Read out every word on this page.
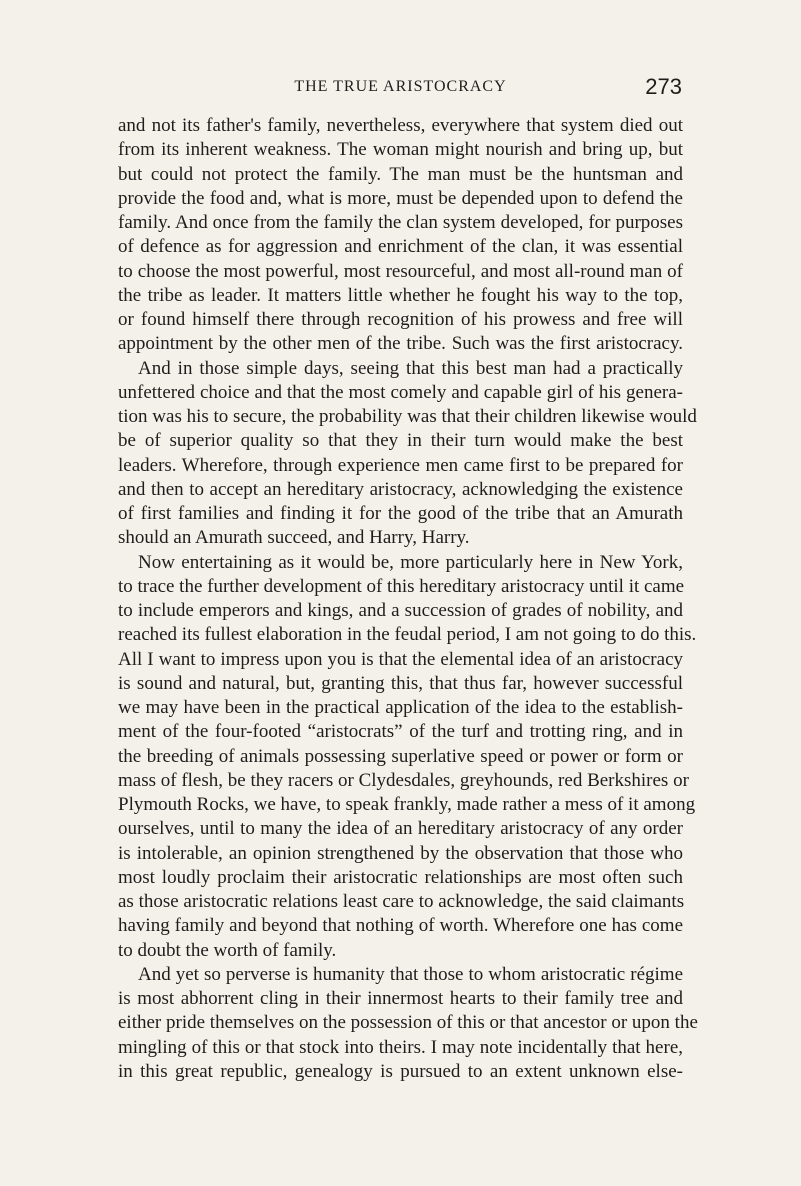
THE TRUE ARISTOCRACY	273
and not its father's family, nevertheless, everywhere that system died out
from its inherent weakness. The woman might nourish and bring up, but
but could not protect the family. The man must be the huntsman and
provide the food and, what is more, must be depended upon to defend the
family. And once from the family the clan system developed, for purposes
of defence as for aggression and enrichment of the clan, it was essential
to choose the most powerful, most resourceful, and most all-round man of
the tribe as leader. It matters little whether he fought his way to the top,
or found himself there through recognition of his prowess and free will
appointment by the other men of the tribe. Such was the first aristocracy.
And in those simple days, seeing that this best man had a practically
unfettered choice and that the most comely and capable girl of his genera-
tion was his to secure, the probability was that their children likewise would
be of superior quality so that they in their turn would make the best
leaders. Wherefore, through experience men came first to be prepared for
and then to accept an hereditary aristocracy, acknowledging the existence
of first families and finding it for the good of the tribe that an Amurath
should an Amurath succeed, and Harry, Harry.
Now entertaining as it would be, more particularly here in New York,
to trace the further development of this hereditary aristocracy until it came
to include emperors and kings, and a succession of grades of nobility, and
reached its fullest elaboration in the feudal period, I am not going to do this.
All I want to impress upon you is that the elemental idea of an aristocracy
is sound and natural, but, granting this, that thus far, however successful
we may have been in the practical application of the idea to the establish-
ment of the four-footed “aristocrats” of the turf and trotting ring, and in
the breeding of animals possessing superlative speed or power or form or
mass of flesh, be they racers or Clydesdales, greyhounds, red Berkshires or
Plymouth Rocks, we have, to speak frankly, made rather a mess of it among
ourselves, until to many the idea of an hereditary aristocracy of any order
is intolerable, an opinion strengthened by the observation that those who
most loudly proclaim their aristocratic relationships are most often such
as those aristocratic relations least care to acknowledge, the said claimants
having family and beyond that nothing of worth. Wherefore one has come
to doubt the worth of family.
And yet so perverse is humanity that those to whom aristocratic régime
is most abhorrent cling in their innermost hearts to their family tree and
either pride themselves on the possession of this or that ancestor or upon the
mingling of this or that stock into theirs. I may note incidentally that here,
in this great republic, genealogy is pursued to an extent unknown else-
